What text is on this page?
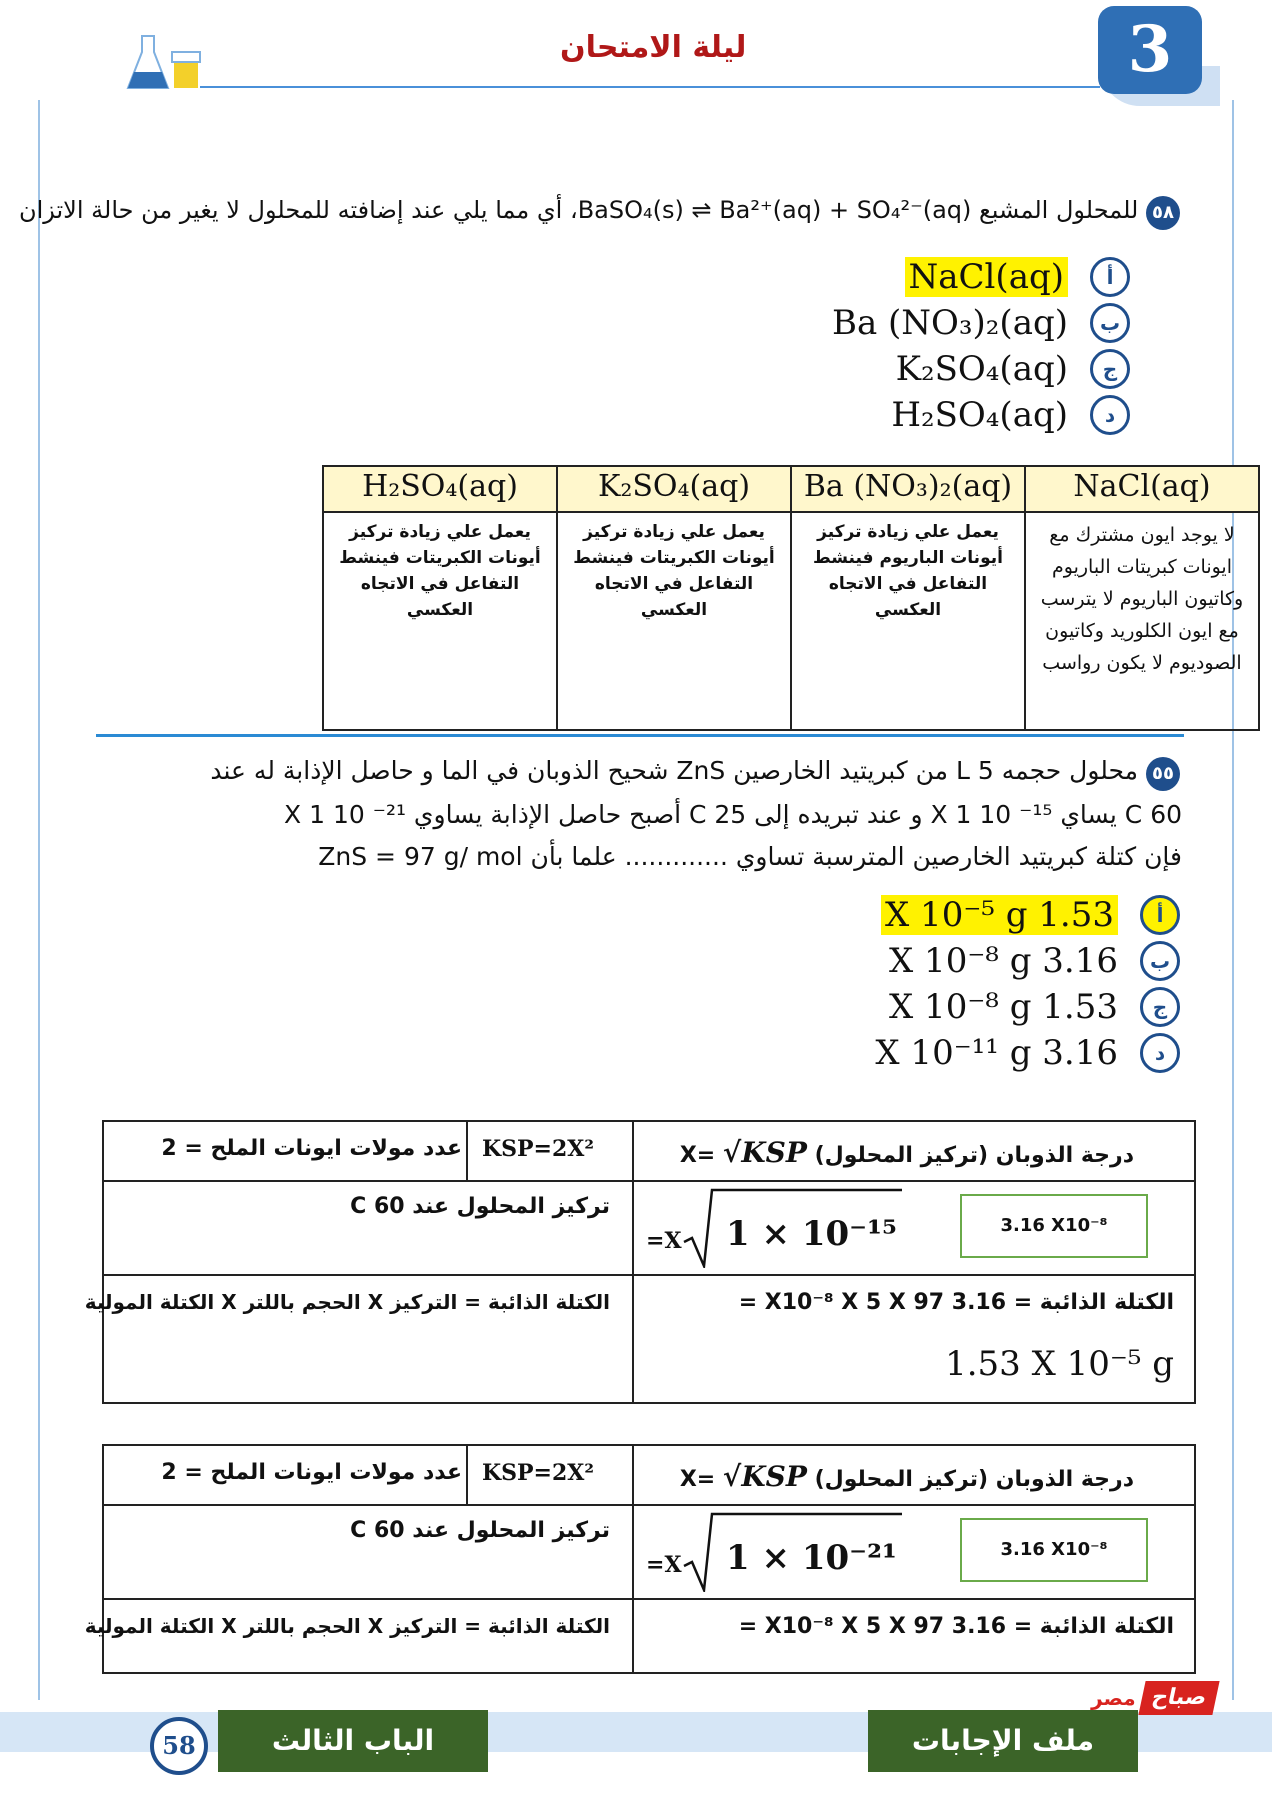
ليلة الامتحان	3
٥٨ للمحلول المشبع BaSO₄(s) ⇌ Ba²⁺(aq) + SO₄²⁻(aq)، أي مما يلي عند إضافته للمحلول لا يغير من حالة الاتزان
أ
NaCl(aq)
ب
Ba (NO₃)₂(aq)
ج
K₂SO₄(aq)
د
H₂SO₄(aq)
NaCl(aq)	Ba (NO₃)₂(aq)	K₂SO₄(aq)	H₂SO₄(aq)
لا يوجد ايون مشترك مع ايونات كبريتات الباريوم وكاتيون الباريوم لا يترسب مع ايون الكلوريد وكاتيون الصوديوم لا يكون رواسب	يعمل علي زيادة تركيز أيونات الباريوم فينشط التفاعل في الاتجاه العكسي	يعمل علي زيادة تركيز أيونات الكبريتات فينشط التفاعل في الاتجاه العكسي	يعمل علي زيادة تركيز أيونات الكبريتات فينشط التفاعل في الاتجاه العكسي
٥٥ محلول حجمه 5 L من كبريتيد الخارصين ZnS شحيح الذوبان في الما و حاصل الإذابة له عند
60 C يساي ¹⁵⁻ 10 X 1 و عند تبريده إلى 25 C أصبح حاصل الإذابة يساوي ²¹⁻ 10 X 1
فإن كتلة كبريتيد الخارصين المترسبة تساوي ............. علما بأن ZnS = 97 g/ mol
أ
1.53 X 10⁻⁵ g
ب
3.16 X 10⁻⁸ g
ج
1.53 X 10⁻⁸ g
د
3.16 X 10⁻¹¹ g
درجة الذوبان (تركيز المحلول) X= √KSP
KSP=2X²
عدد مولات ايونات الملح = 2
تركيز المحلول عند 60 C
X= 1 × 10⁻¹⁵	3.16 X10⁻⁸
الكتلة الذائبة = التركيز X الحجم باللتر X الكتلة المولية	الكتلة الذائبة = 3.16 X10⁻⁸ X 5 X 97 =
1.53 X 10⁻⁵ g
درجة الذوبان (تركيز المحلول) X= √KSP
KSP=2X²
عدد مولات ايونات الملح = 2
تركيز المحلول عند 60 C
X= 1 × 10⁻²¹	3.16 X10⁻⁸
الكتلة الذائبة = التركيز X الحجم باللتر X الكتلة المولية	الكتلة الذائبة = 3.16 X10⁻⁸ X 5 X 97 =
صباح
مصر
الباب الثالث	ملف الإجابات
58
